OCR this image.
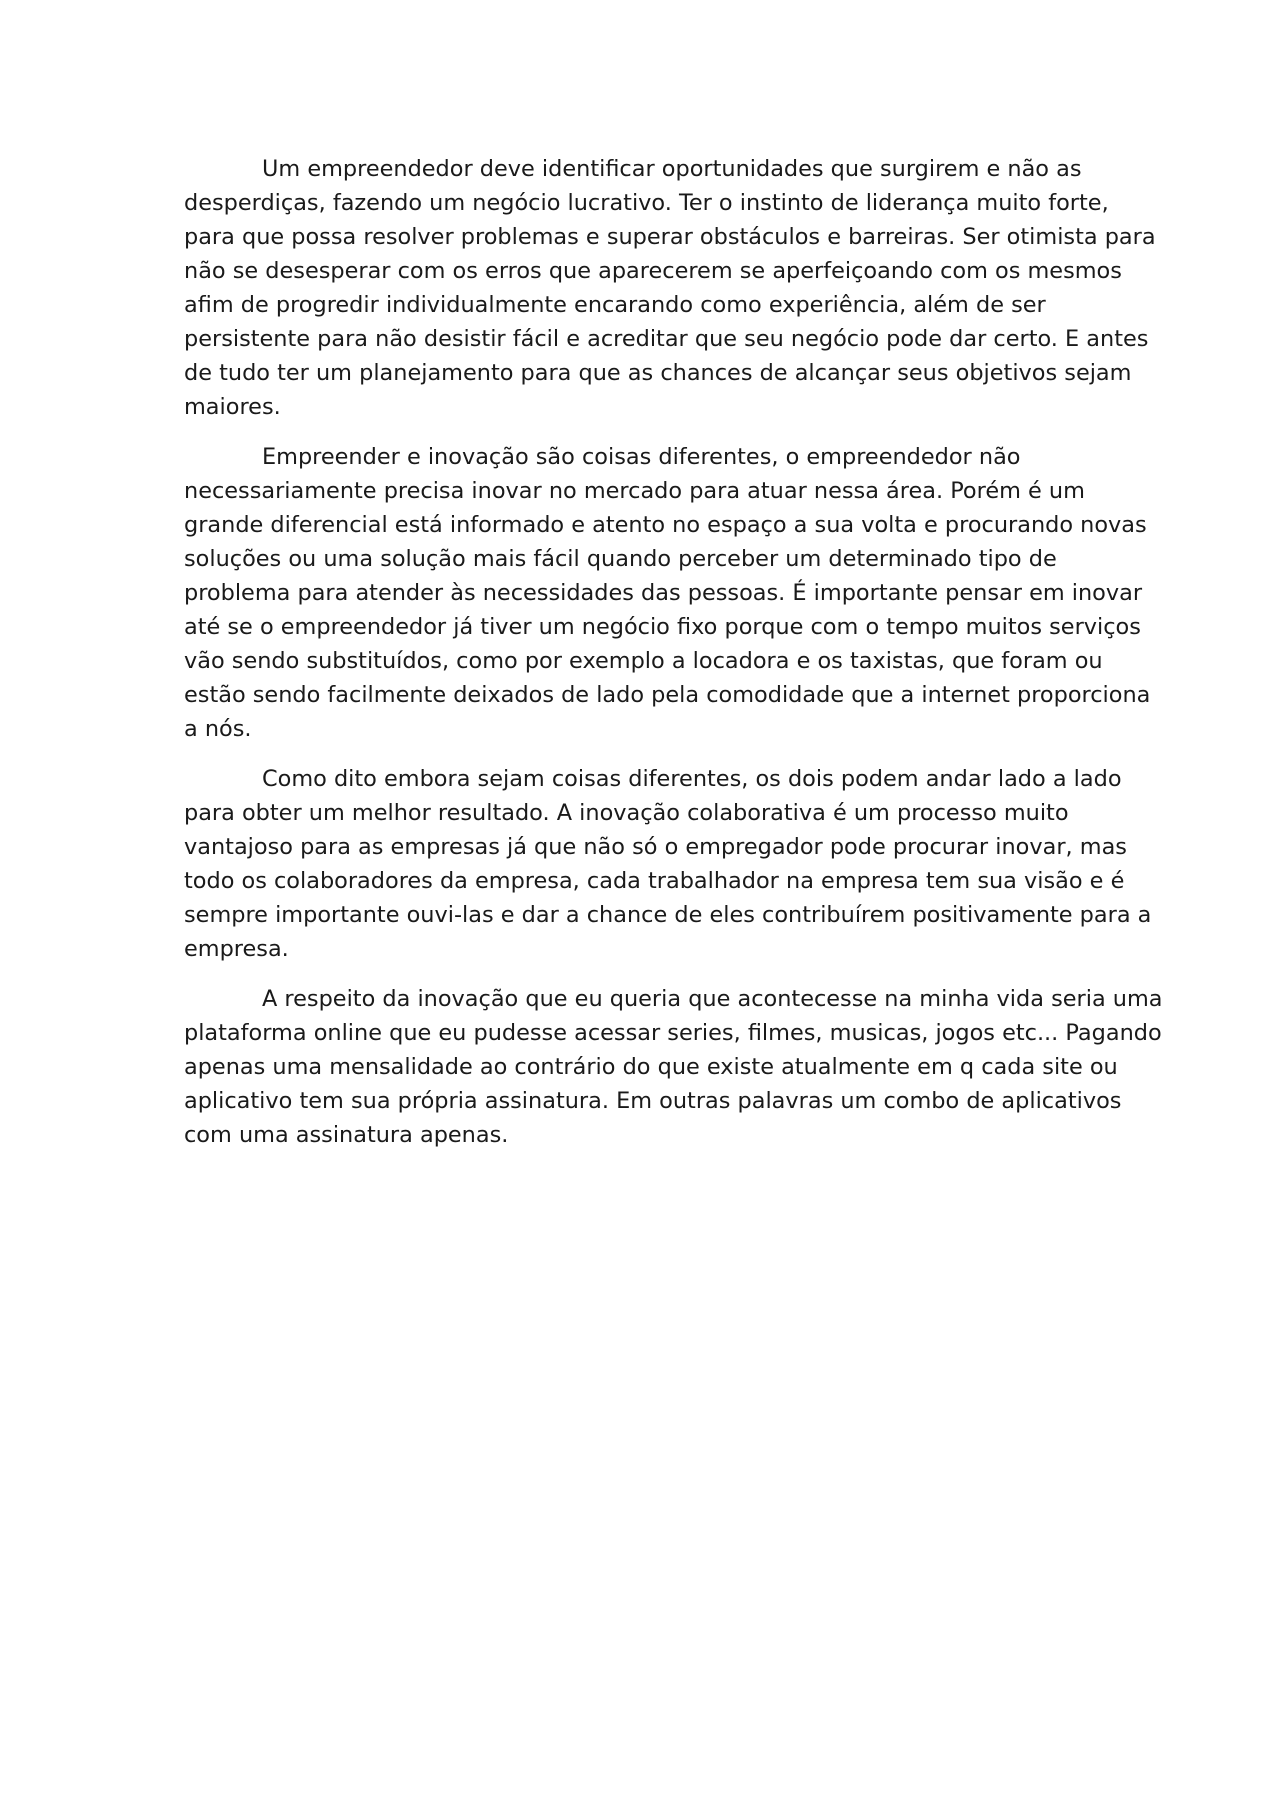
Um empreendedor deve identificar oportunidades que surgirem e não as
desperdiças, fazendo um negócio lucrativo. Ter o instinto de liderança muito forte,
para que possa resolver problemas e superar obstáculos e barreiras. Ser otimista para
não se desesperar com os erros que aparecerem se aperfeiçoando com os mesmos
afim de progredir individualmente encarando como experiência, além de ser
persistente para não desistir fácil e acreditar que seu negócio pode dar certo. E antes
de tudo ter um planejamento para que as chances de alcançar seus objetivos sejam
maiores.

Empreender e inovação são coisas diferentes, o empreendedor não
necessariamente precisa inovar no mercado para atuar nessa área. Porém é um
grande diferencial está informado e atento no espaço a sua volta e procurando novas
soluções ou uma solução mais fácil quando perceber um determinado tipo de
problema para atender às necessidades das pessoas. É importante pensar em inovar
até se o empreendedor já tiver um negócio fixo porque com o tempo muitos serviços
vão sendo substituídos, como por exemplo a locadora e os taxistas, que foram ou
estão sendo facilmente deixados de lado pela comodidade que a internet proporciona
a nós.

Como dito embora sejam coisas diferentes, os dois podem andar lado a lado
para obter um melhor resultado. A inovação colaborativa é um processo muito
vantajoso para as empresas já que não só o empregador pode procurar inovar, mas
todo os colaboradores da empresa, cada trabalhador na empresa tem sua visão e é
sempre importante ouvi-las e dar a chance de eles contribuírem positivamente para a
empresa.

A respeito da inovação que eu queria que acontecesse na minha vida seria uma
plataforma online que eu pudesse acessar series, filmes, musicas, jogos etc... Pagando
apenas uma mensalidade ao contrário do que existe atualmente em q cada site ou
aplicativo tem sua própria assinatura. Em outras palavras um combo de aplicativos
com uma assinatura apenas.
